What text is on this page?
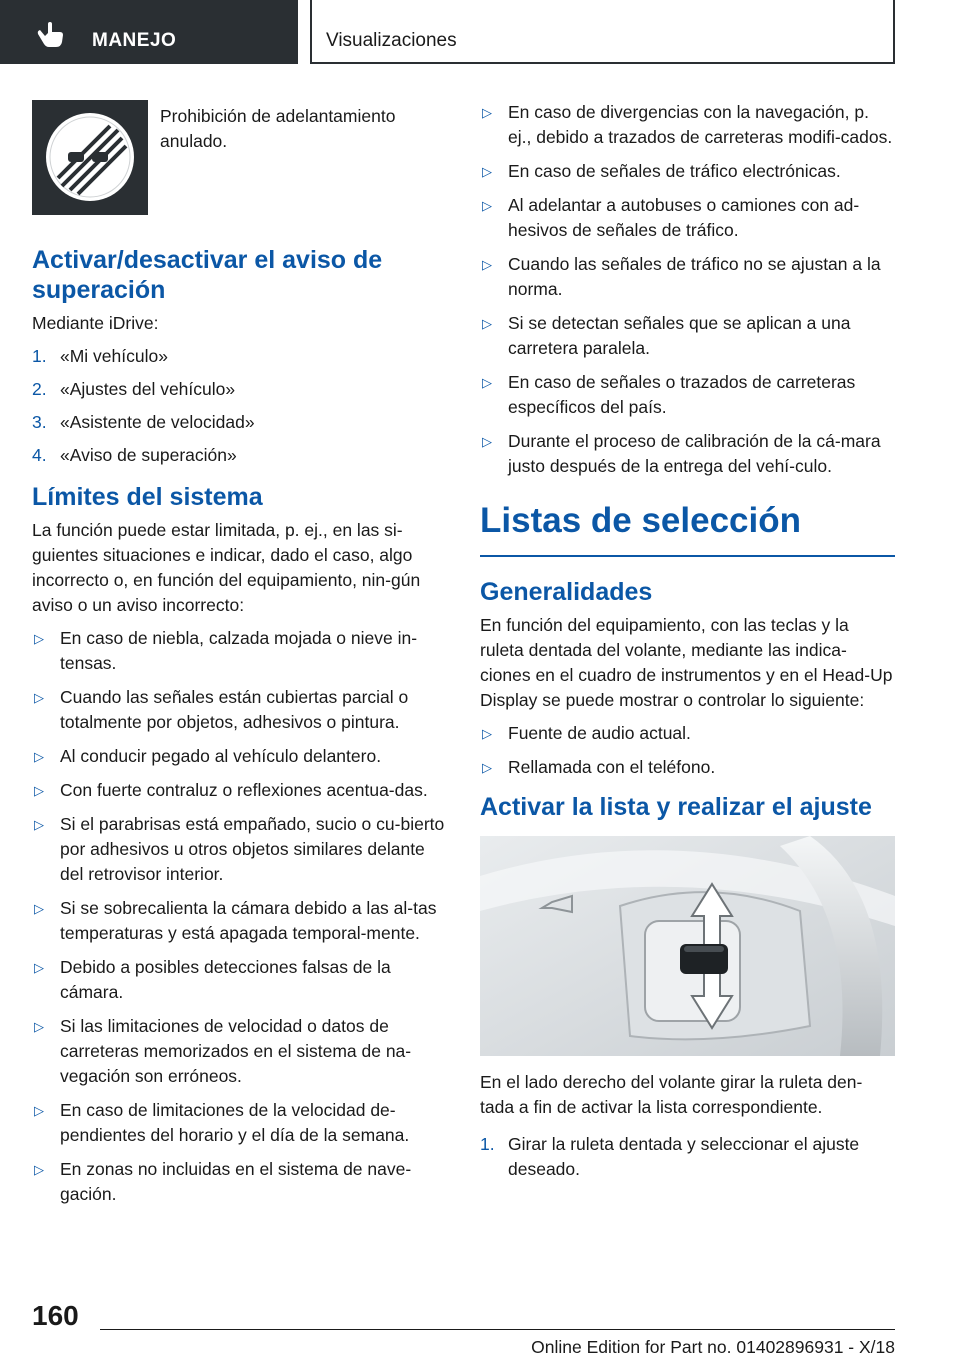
MANEJO	Visualizaciones

Prohibición de adelantamiento anulado.

Activar/desactivar el aviso de superación

Mediante iDrive:

1. «Mi vehículo»
2. «Ajustes del vehículo»
3. «Asistente de velocidad»
4. «Aviso de superación»
Límites del sistema

La función puede estar limitada, p. ej., en las si-guientes situaciones e indicar, dado el caso, algo incorrecto o, en función del equipamiento, nin-gún aviso o un aviso incorrecto:

▷ En caso de niebla, calzada mojada o nieve in-tensas.
▷ Cuando las señales están cubiertas parcial o totalmente por objetos, adhesivos o pintura.
▷ Al conducir pegado al vehículo delantero.
▷ Con fuerte contraluz o reflexiones acentua-das.
▷ Si el parabrisas está empañado, sucio o cu-bierto por adhesivos u otros objetos similares delante del retrovisor interior.
▷ Si se sobrecalienta la cámara debido a las al-tas temperaturas y está apagada temporal-mente.
▷ Debido a posibles detecciones falsas de la cámara.
▷ Si las limitaciones de velocidad o datos de carreteras memorizados en el sistema de na-vegación son erróneos.
▷ En caso de limitaciones de la velocidad de-pendientes del horario y el día de la semana.
▷ En zonas no incluidas en el sistema de nave-gación.
▷ En caso de divergencias con la navegación, p. ej., debido a trazados de carreteras modifi-cados.
▷ En caso de señales de tráfico electrónicas.
▷ Al adelantar a autobuses o camiones con ad-hesivos de señales de tráfico.
▷ Cuando las señales de tráfico no se ajustan a la norma.
▷ Si se detectan señales que se aplican a una carretera paralela.
▷ En caso de señales o trazados de carreteras específicos del país.
▷ Durante el proceso de calibración de la cá-mara justo después de la entrega del vehí-culo.
Listas de selección
Generalidades

En función del equipamiento, con las teclas y la ruleta dentada del volante, mediante las indica-ciones en el cuadro de instrumentos y en el Head-Up Display se puede mostrar o controlar lo siguiente:

▷ Fuente de audio actual.
▷ Rellamada con el teléfono.
Activar la lista y realizar el ajuste

En el lado derecho del volante girar la ruleta den-tada a fin de activar la lista correspondiente.

1. Girar la ruleta dentada y seleccionar el ajuste deseado.
160
Online Edition for Part no. 01402896931 - X/18
